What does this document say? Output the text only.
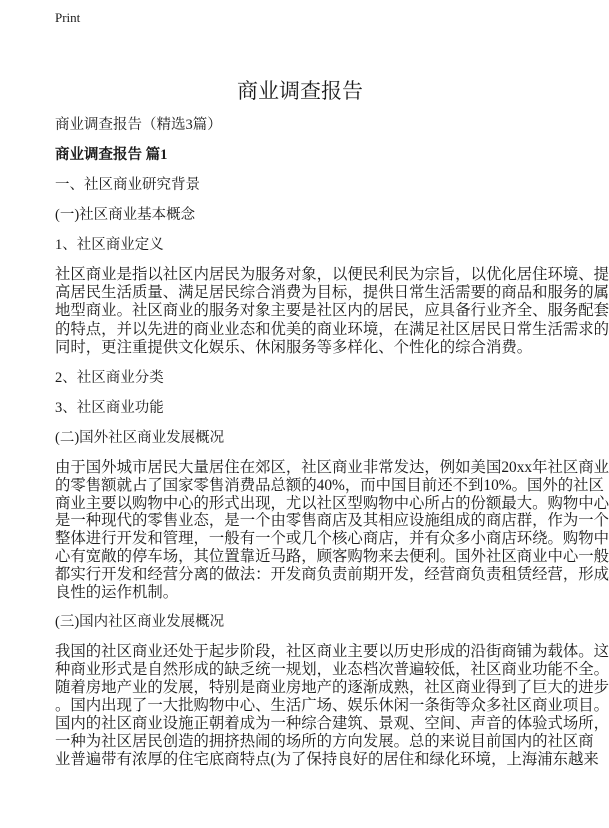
Print
商业调查报告
商业调查报告（精选3篇）
商业调查报告 篇1
一、社区商业研究背景
(一)社区商业基本概念
1、社区商业定义
社区商业是指以社区内居民为服务对象，以便民利民为宗旨，以优化居住环境、提
高居民生活质量、满足居民综合消费为目标，提供日常生活需要的商品和服务的属
地型商业。社区商业的服务对象主要是社区内的居民，应具备行业齐全、服务配套
的特点，并以先进的商业业态和优美的商业环境，在满足社区居民日常生活需求的
同时，更注重提供文化娱乐、休闲服务等多样化、个性化的综合消费。
2、社区商业分类
3、社区商业功能
(二)国外社区商业发展概况
由于国外城市居民大量居住在郊区，社区商业非常发达，例如美国20xx年社区商业
的零售额就占了国家零售消费品总额的40%，而中国目前还不到10%。国外的社区
商业主要以购物中心的形式出现，尤以社区型购物中心所占的份额最大。购物中心
是一种现代的零售业态，是一个由零售商店及其相应设施组成的商店群，作为一个
整体进行开发和管理，一般有一个或几个核心商店，并有众多小商店环绕。购物中
心有宽敞的停车场，其位置靠近马路，顾客购物来去便利。国外社区商业中心一般
都实行开发和经营分离的做法：开发商负责前期开发，经营商负责租赁经营，形成
良性的运作机制。
(三)国内社区商业发展概况
我国的社区商业还处于起步阶段，社区商业主要以历史形成的沿街商铺为载体。这
种商业形式是自然形成的缺乏统一规划，业态档次普遍较低，社区商业功能不全。
随着房地产业的发展，特别是商业房地产的逐渐成熟，社区商业得到了巨大的进步
。国内出现了一大批购物中心、生活广场、娱乐休闲一条街等众多社区商业项目。
国内的社区商业设施正朝着成为一种综合建筑、景观、空间、声音的体验式场所，
一种为社区居民创造的拥挤热闹的场所的方向发展。总的来说目前国内的社区商
业普遍带有浓厚的住宅底商特点(为了保持良好的居住和绿化环境，上海浦东越来
